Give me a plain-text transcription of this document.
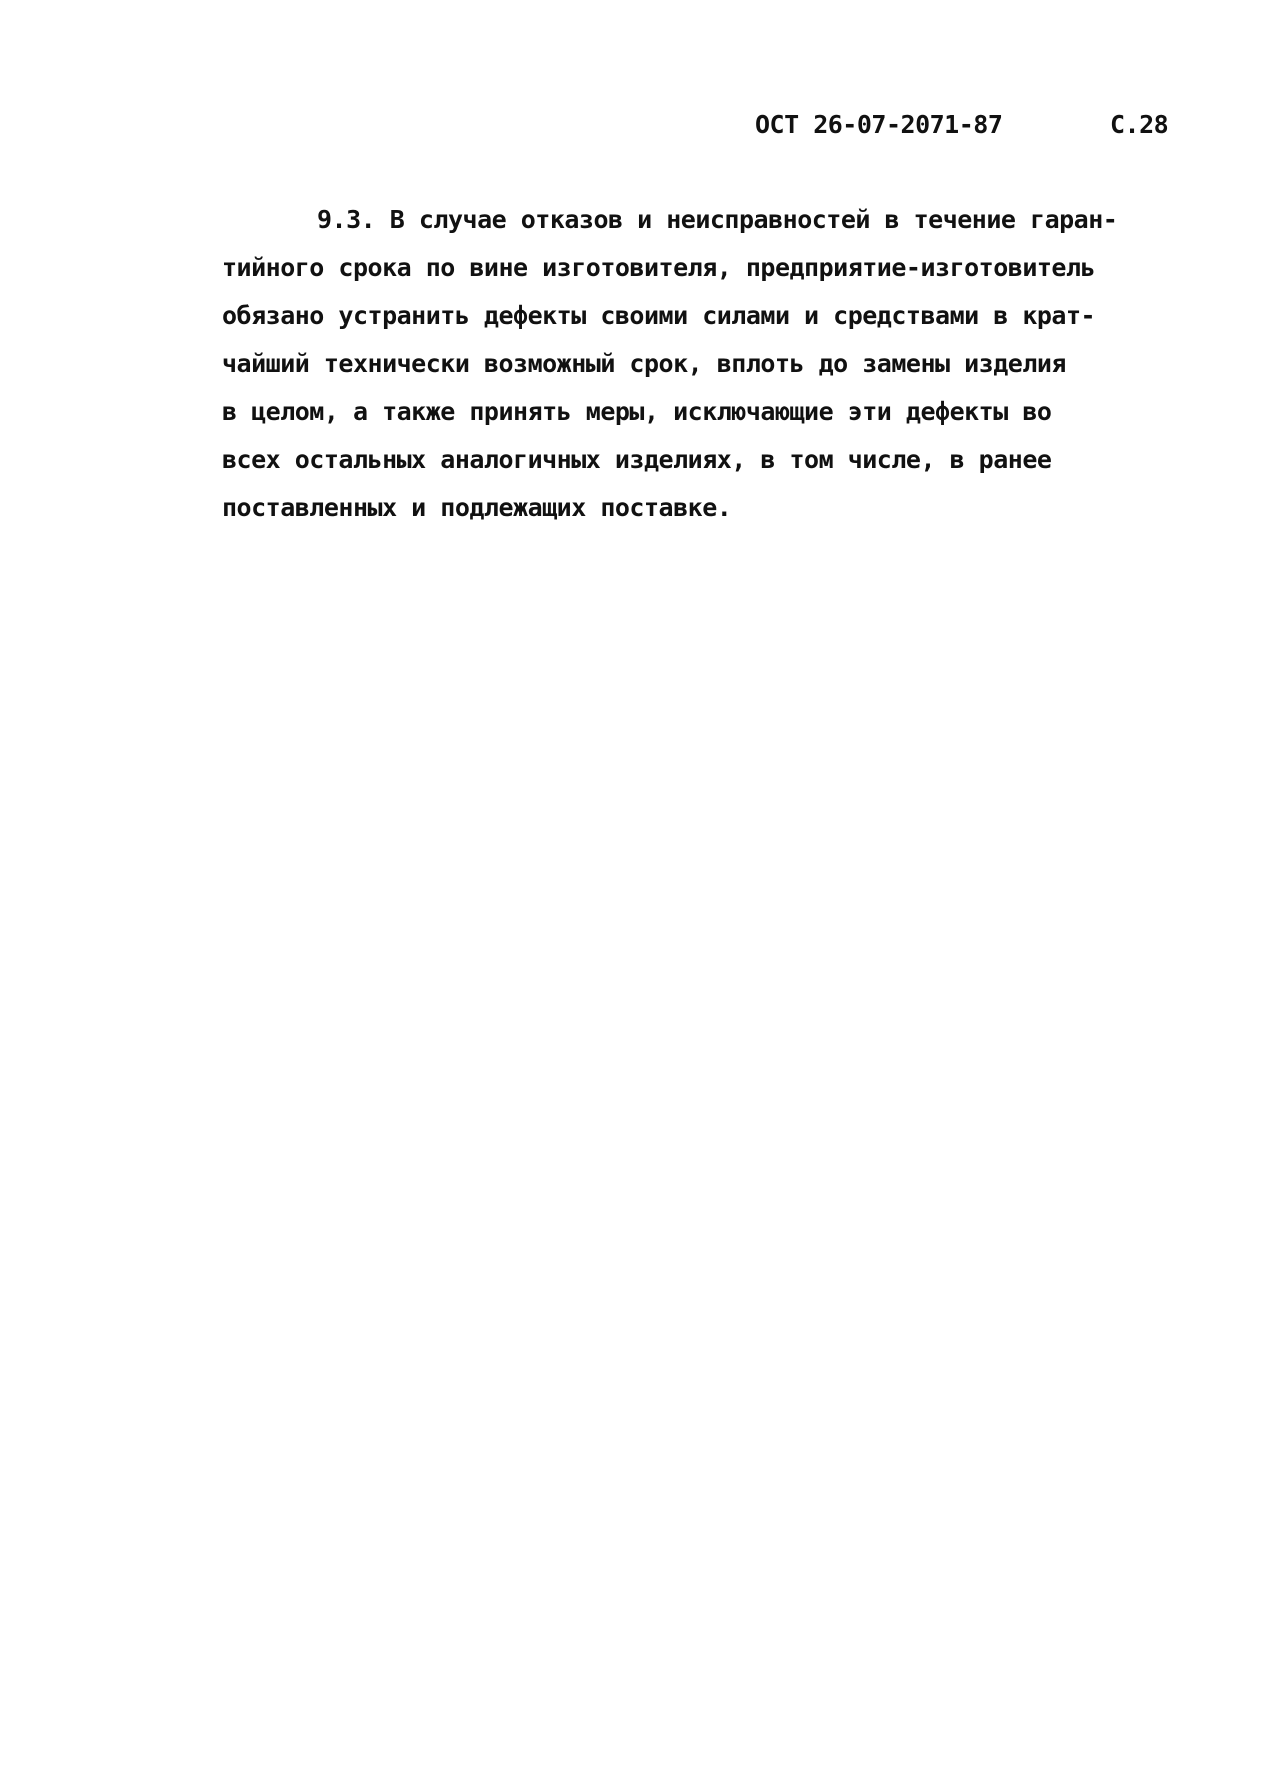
ОСТ 26-07-2071-87	С.28
9.3. В случае отказов и неисправностей в течение гаран-
тийного срока по вине изготовителя, предприятие-изготовитель
обязано устранить дефекты своими силами и средствами в крат-
чайший технически возможный срок, вплоть до замены изделия
в целом, а также принять меры, исключающие эти дефекты во
всех остальных аналогичных изделиях, в том числе, в ранее
поставленных и подлежащих поставке.
